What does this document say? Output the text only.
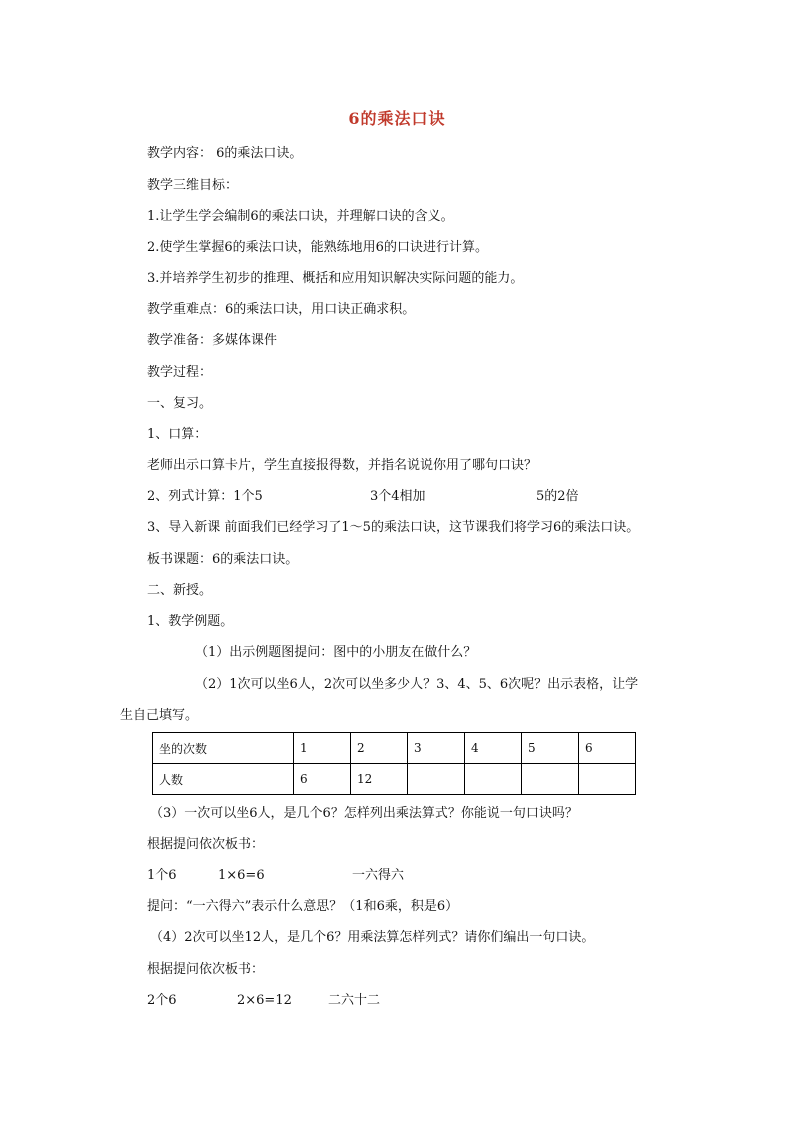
6的乘法口诀
教学内容： 6的乘法口诀。
教学三维目标：
1.让学生学会编制6的乘法口诀，并理解口诀的含义。
2.使学生掌握6的乘法口诀，能熟练地用6的口诀进行计算。
3.并培养学生初步的推理、概括和应用知识解决实际问题的能力。
教学重难点：6的乘法口诀，用口诀正确求积。
教学准备：多媒体课件
教学过程：
一、复习。
1、口算：
老师出示口算卡片，学生直接报得数，并指名说说你用了哪句口诀？
2、列式计算：1个5	3个4相加	5的2倍
3、导入新课 前面我们已经学习了1～5的乘法口诀，这节课我们将学习6的乘法口诀。
板书课题：6的乘法口诀。
二、新授。
1、教学例题。
（1）出示例题图提问：图中的小朋友在做什么？
（2）1次可以坐6人，2次可以坐多少人？3、4、5、6次呢？出示表格，让学
生自己填写。
坐的次数	1	2	3	4	5	6
人数	6	12				
（3）一次可以坐6人，是几个6？怎样列出乘法算式？你能说一句口诀吗？
根据提问依次板书：
1个6	1×6=6	一六得六
提问：“一六得六”表示什么意思？（1和6乘，积是6）
（4）2次可以坐12人，是几个6？用乘法算怎样列式？请你们编出一句口诀。
根据提问依次板书：
2个6	2×6=12	二六十二
